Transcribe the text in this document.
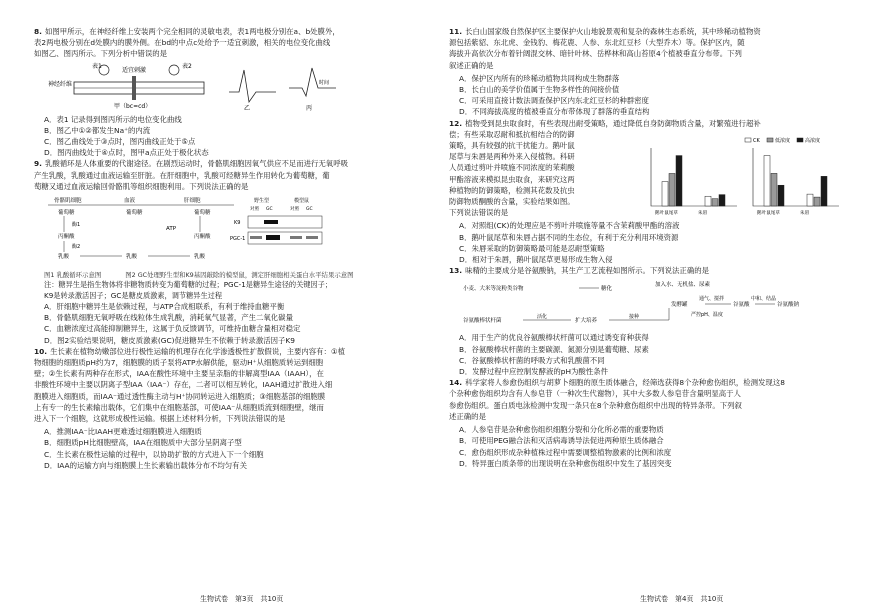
8. 如图甲所示，在神经纤维上安装两个完全相同的灵敏电表，表1两电极分别在a、b处膜外，
表2两电极分别在d处膜内的膜外侧。在bd的中点c处给予一适宜刺激，相关的电位变化曲线
如图乙、图丙所示。下列分析中错误的是
神经纤维
表1	表2
适宜刺激
甲（bc=cd）	乙	丙
时间
A．表1 记录得到图丙所示的电位变化曲线
B．图乙中①②都发生Na⁺的内流
C．图乙曲线处于③点时，图丙曲线正处于⑤点
D．图丙曲线处于④点时，图甲a点正处于极化状态
9. 乳酸循环是人体重要的代谢途径。在剧烈运动时，骨骼肌细胞因氧气供应不足而进行无氧呼吸
产生乳酸，乳酸通过血液运输至肝脏。在肝细胞中，乳酸可经糖异生作用转化为葡萄糖，葡
萄糖又通过血液运输回骨骼肌等组织细胞利用。下列说法正确的是
骨骼肌细胞	血液	肝细胞
葡萄糖	葡萄糖	葡萄糖
丙酮酸	丙酮酸
ATP
酶1
酶2
乳酸	乳酸	乳酸
野生型	模型鼠
对照 GC	对照 GC
K9
PGC-1
图1 乳酸循环示意图	图2 GC处理野生型和K9基因敲除的模型鼠，测定肝细胞相关蛋白水平结果示意图
注：糖异生是指生物体将非糖物质转变为葡萄糖的过程；PGC-1是糖异生途径的关键因子；
K9是转录激活因子；GC是糖皮质激素，调节糖异生过程
A．肝细胞中糖异生是依赖过程，与ATP合成相联系，有利于维持血糖平衡
B．骨骼肌细胞无氧呼吸在线粒体生成乳酸，消耗氧气显著，产生二氧化碳量
C．血糖浓度过高能抑制糖异生，这属于负反馈调节，可维持血糖含量相对稳定
D．图2实验结果说明，糖皮质激素(GC)促进糖异生不依赖于转录激活因子K9
10. 生长素在植物幼嫩部位进行极性运输的机理存在化学渗透极性扩散假说，主要内容有：①植
物细胞的细胞质pH约为7，细胞膜的质子泵将ATP水解供能，驱动H⁺从细胞质转运到细胞
壁；②生长素有两种存在形式，IAA在酸性环境中主要呈亲脂的非解离型IAA（IAAH），在
非酸性环境中主要以阴离子型IAA（IAA⁻）存在，二者可以相互转化，IAAH通过扩散进入细
胞膜进入细胞质，而IAA⁻通过透性酶主动与H⁺协同转运进入细胞质；③细胞基部的细胞膜
上有专一的生长素输出载体，它们集中在细胞基部，可使IAA⁻从细胞质流到细胞壁，继而
进入下一个细胞，这就形成极性运输。根据上述材料分析，下列说法错误的是
A．推测IAA⁻比IAAH更难透过细胞膜进入细胞质
B．细胞质pH比细胞壁高，IAA在细胞质中大部分呈阴离子型
C．生长素在极性运输的过程中，以协助扩散的方式进入下一个细胞
D．IAA的运输方向与细胞膜上生长素输出载体分布不均匀有关
生物试卷　第3页　共10页
11. 长白山国家级自然保护区主要保护火山地貌景观和复杂的森林生态系统，其中珍稀动植物资
源包括紫貂、东北虎、金钱豹、梅花鹿、人参、东北红豆杉（大型乔木）等。保护区内，随
海拔升高依次分布着针阔混交林、暗针叶林、岳桦林和高山苔原4个植被垂直分布带。下列
叙述正确的是
A．保护区内所有的珍稀动植物共同构成生物群落
B．长白山的美学价值属于生物多样性的间接价值
C．可采用直接计数法调查保护区内东北红豆杉的种群密度
D．不同海拔高度的植被垂直分布带体现了群落的垂直结构
12. 植物受到昆虫取食时，有些表现出耐受策略，通过降低自身防御物质含量，对繁殖进行超补
偿；有些采取忍耐和抵抗相结合的防御
策略，具有较强的抗干扰能力。鹅叶鼠
尾草与朱唇是两种外来入侵植物。科研
人员通过剪叶并喷施不同浓度的茉莉酸
甲酯溶液来模拟昆虫取食，来研究这两
种植物的防御策略，检测其花数及抗虫
防御物质酮酸的含量，实验结果如图。
下列说法错误的是
CK	低浓度	高浓度
鹅叶鼠尾草	朱唇	鹅叶鼠尾草	朱唇
A．对照组(CK)的处理应是不剪叶并喷施等量不含茉莉酸甲酯的溶液
B．鹅叶鼠尾草和朱唇占据不同的生态位，有利于充分利用环境资源
C．朱唇采取的防御策略最可能是忍耐型策略
D．相对于朱唇，鹅叶鼠尾草更易形成生物入侵
13. 味精的主要成分是谷氨酸钠，其生产工艺流程如图所示。下列说法正确的是
小麦、大米等淀粉类谷物	糖化
加入水、无机盐、尿素
发酵罐
通气、搅拌
严控pH、温度
谷氨酸
中和、结晶
谷氨酸钠
谷氨酸棒状杆菌
活化
扩大培养
接种
A．用于生产的优良谷氨酸棒状杆菌可以通过诱变育种获得
B．谷氨酸棒状杆菌的主要碳源、氮源分别是葡萄糖、尿素
C．谷氨酸棒状杆菌的呼吸方式和乳酸菌不同
D．发酵过程中应控制发酵液的pH为酸性条件
14. 科学家将人参愈伤组织与胡萝卜细胞的原生质体融合，经筛选获得8个杂种愈伤组织，检测发现这8
个杂种愈伤组织均含有人参皂苷（一种次生代谢物），其中大多数人参皂苷含量明显高于人
参愈伤组织。蛋白质电泳检测中发现一条只在8个杂种愈伤组织中出现的特异条带。下列叙
述正确的是
A．人参皂苷是杂种愈伤组织细胞分裂和分化所必需的重要物质
B．可使用PEG融合法和灭活病毒诱导法促进两种原生质体融合
C．愈伤组织形成杂种植株过程中需要调整植物激素的比例和浓度
D．特异蛋白质条带的出现说明在杂种愈伤组织中发生了基因突变
生物试卷　第4页　共10页
